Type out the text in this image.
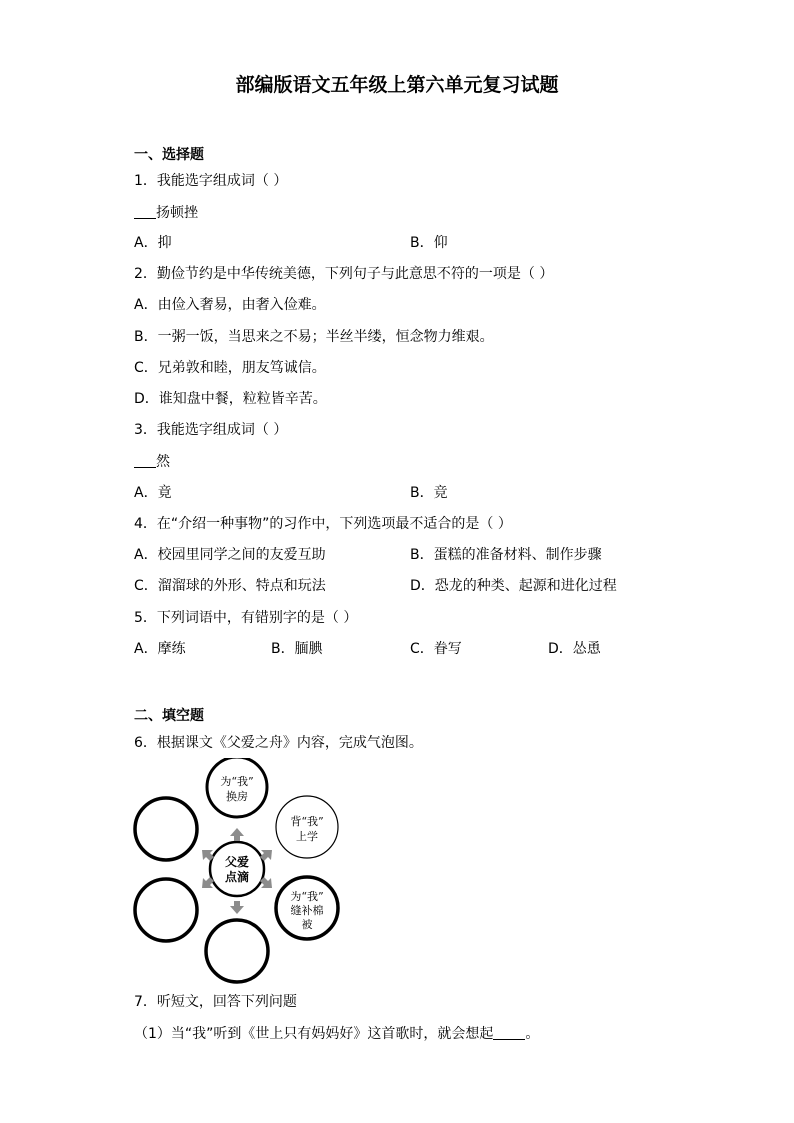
部编版语文五年级上第六单元复习试题
一、选择题
1．我能选字组成词（ ）
扬顿挫
A．抑	B．仰
2．勤俭节约是中华传统美德，下列句子与此意思不符的一项是（ ）
A．由俭入奢易，由奢入俭难。
B．一粥一饭，当思来之不易；半丝半缕，恒念物力维艰。
C．兄弟敦和睦，朋友笃诚信。
D．谁知盘中餐，粒粒皆辛苦。
3．我能选字组成词（ ）
然
A．竟	B．竞
4．在“介绍一种事物”的习作中，下列选项最不适合的是（ ）
A．校园里同学之间的友爱互助	B．蛋糕的准备材料、制作步骤
C．溜溜球的外形、特点和玩法	D．恐龙的种类、起源和进化过程
5．下列词语中，有错别字的是（ ）
A．摩练	B．腼腆	C．眷写	D．怂恿
二、填空题
6．根据课文《父爱之舟》内容，完成气泡图。
为“我”
换房
背“我”
上学
为“我”
缝补棉
被
父爱
点滴
7．听短文，回答下列问题
（1）当“我”听到《世上只有妈妈好》这首歌时，就会想起 。
